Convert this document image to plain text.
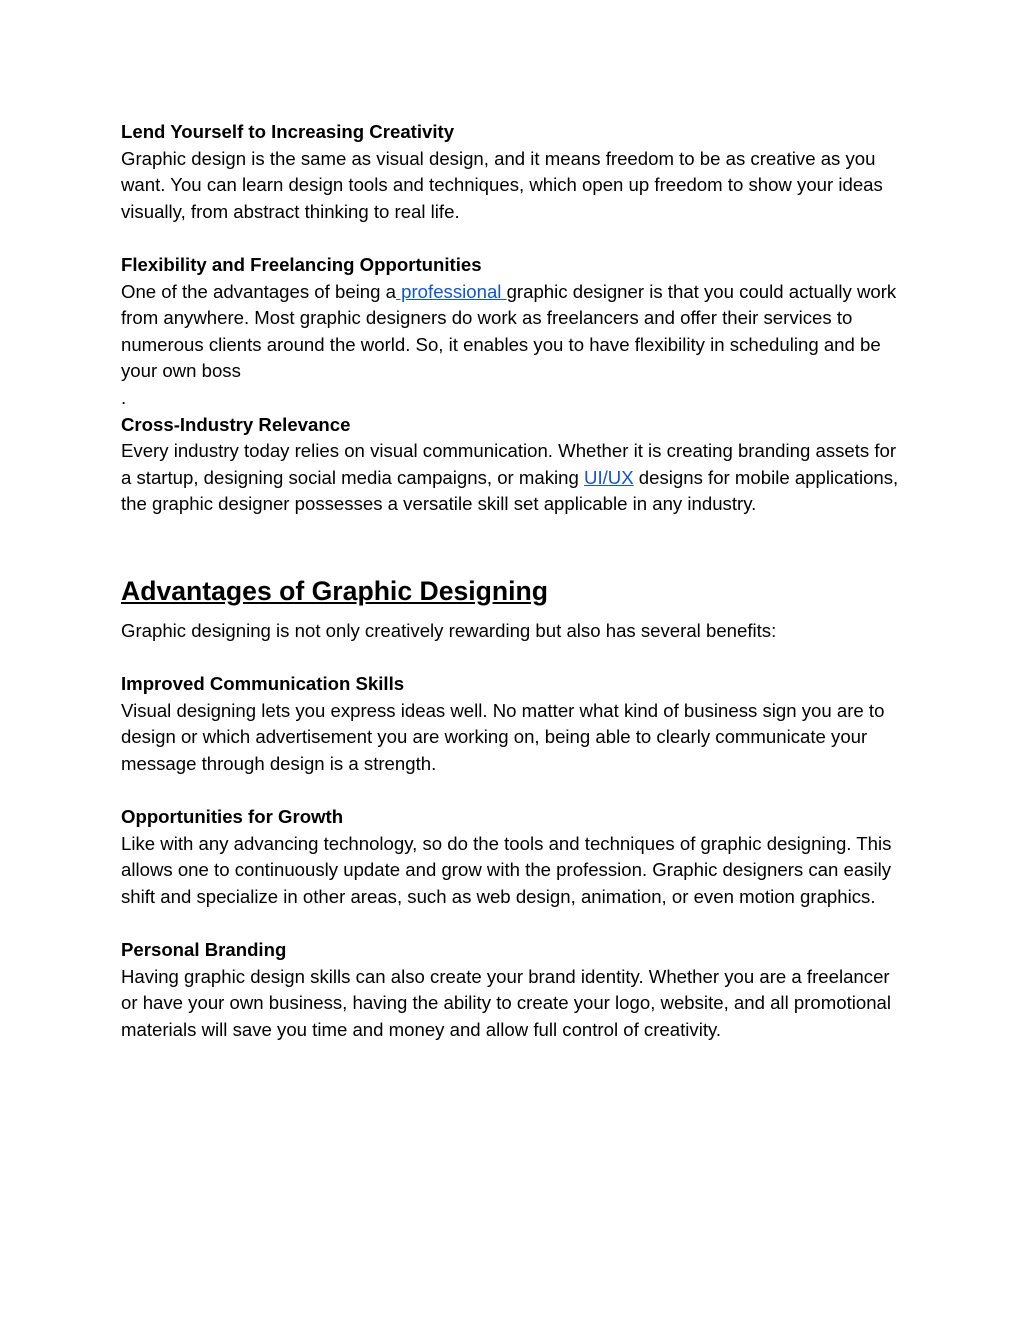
Lend Yourself to Increasing Creativity

Graphic design is the same as visual design, and it means freedom to be as creative as you want. You can learn design tools and techniques, which open up freedom to show your ideas visually, from abstract thinking to real life.

Flexibility and Freelancing Opportunities

One of the advantages of being a professional graphic designer is that you could actually work from anywhere. Most graphic designers do work as freelancers and offer their services to numerous clients around the world. So, it enables you to have flexibility in scheduling and be your own boss

.

Cross-Industry Relevance

Every industry today relies on visual communication. Whether it is creating branding assets for a startup, designing social media campaigns, or making UI/UX designs for mobile applications, the graphic designer possesses a versatile skill set applicable in any industry.

Advantages of Graphic Designing

Graphic designing is not only creatively rewarding but also has several benefits:

Improved Communication Skills

Visual designing lets you express ideas well. No matter what kind of business sign you are to design or which advertisement you are working on, being able to clearly communicate your message through design is a strength.

Opportunities for Growth

Like with any advancing technology, so do the tools and techniques of graphic designing. This allows one to continuously update and grow with the profession. Graphic designers can easily shift and specialize in other areas, such as web design, animation, or even motion graphics.

Personal Branding

Having graphic design skills can also create your brand identity. Whether you are a freelancer or have your own business, having the ability to create your logo, website, and all promotional materials will save you time and money and allow full control of creativity.
